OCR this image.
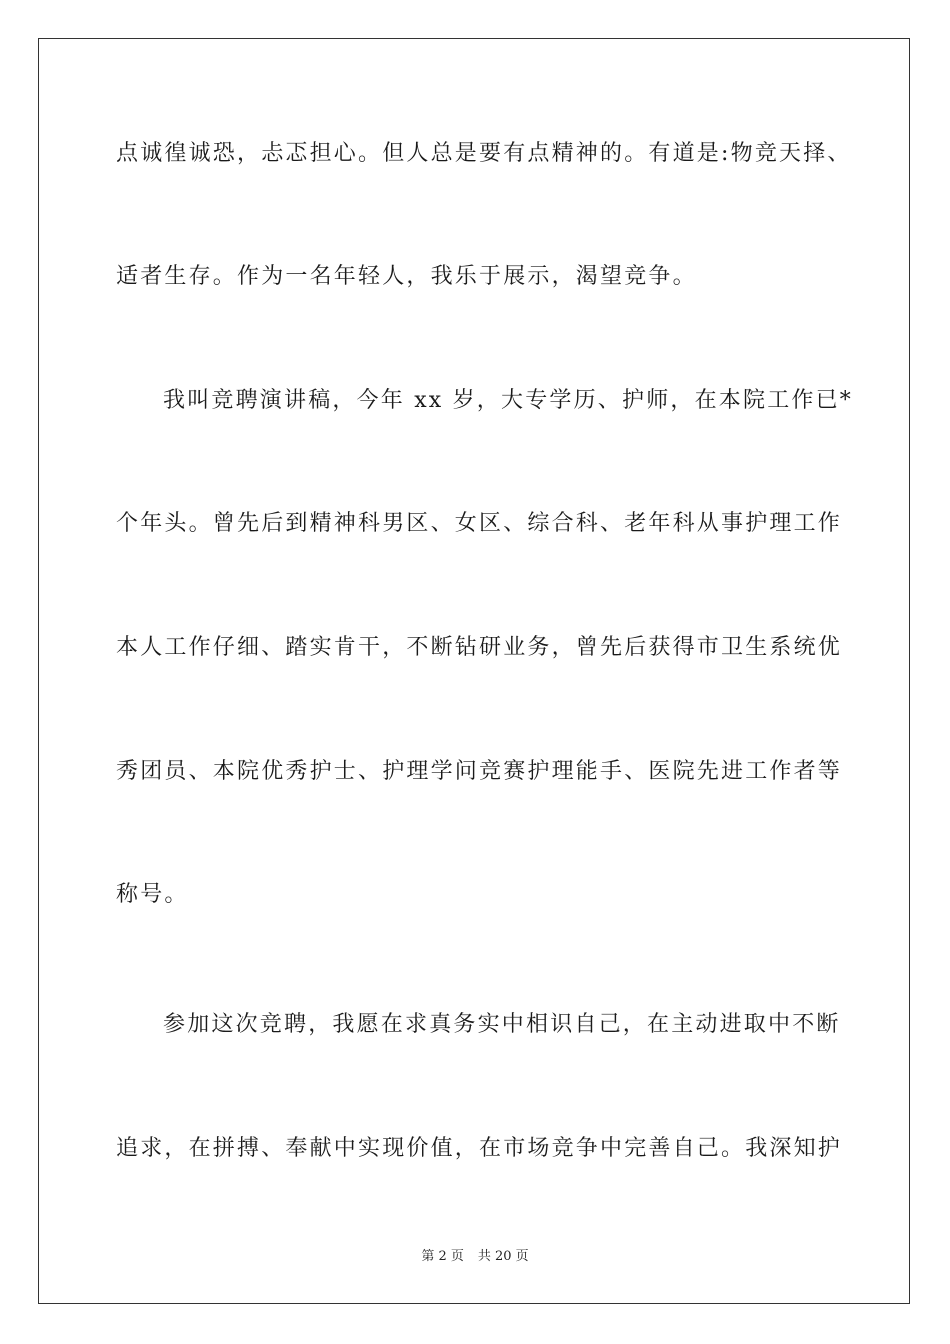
点诚徨诚恐，忐忑担心。但人总是要有点精神的。有道是:物竞天择、
适者生存。作为一名年轻人，我乐于展示，渴望竞争。
我叫竞聘演讲稿，今年 xx 岁，大专学历、护师，在本院工作已*
个年头。曾先后到精神科男区、女区、综合科、老年科从事护理工作
本人工作仔细、踏实肯干，不断钻研业务，曾先后获得市卫生系统优
秀团员、本院优秀护士、护理学问竞赛护理能手、医院先进工作者等
称号。
参加这次竞聘，我愿在求真务实中相识自己，在主动进取中不断
追求，在拼搏、奉献中实现价值，在市场竞争中完善自己。我深知护
第 2 页 共 20 页
